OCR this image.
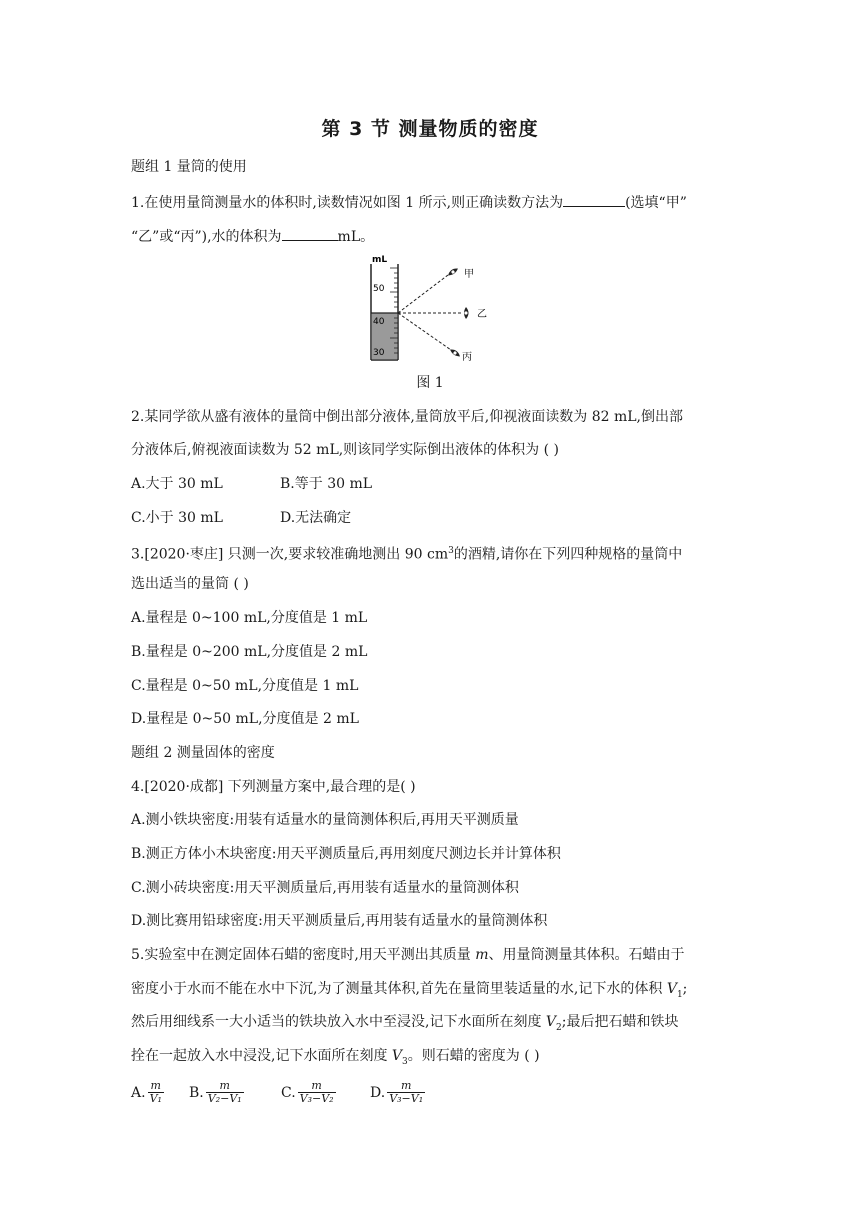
第 3 节 测量物质的密度
题组 1 量筒的使用
1.在使用量筒测量水的体积时,读数情况如图 1 所示,则正确读数方法为	(选填“甲”
“乙”或“丙”),水的体积为	mL。
mL
50
40
30
甲
乙
丙
图 1
2.某同学欲从盛有液体的量筒中倒出部分液体,量筒放平后,仰视液面读数为 82 mL,倒出部
分液体后,俯视液面读数为 52 mL,则该同学实际倒出液体的体积为 ( )
A.大于 30 mL	B.等于 30 mL
C.小于 30 mL	D.无法确定
3.[2020·枣庄] 只测一次,要求较准确地测出 90 $cm^3$的酒精,请你在下列四种规格的量筒中
选出适当的量筒 ( )
A.量程是 0~100 mL,分度值是 1 mL
B.量程是 0~200 mL,分度值是 2 mL
C.量程是 0~50 mL,分度值是 1 mL
D.量程是 0~50 mL,分度值是 2 mL
题组 2 测量固体的密度
4.[2020·成都] 下列测量方案中,最合理的是( )
A.测小铁块密度:用装有适量水的量筒测体积后,再用天平测质量
B.测正方体小木块密度:用天平测质量后,再用刻度尺测边长并计算体积
C.测小砖块密度:用天平测质量后,再用装有适量水的量筒测体积
D.测比赛用铅球密度:用天平测质量后,再用装有适量水的量筒测体积
5.实验室中在测定固体石蜡的密度时,用天平测出其质量 m、用量筒测量其体积。石蜡由于
密度小于水而不能在水中下沉,为了测量其体积,首先在量筒里装适量的水,记下水的体积 $V_1$;
然后用细线系一大小适当的铁块放入水中至浸没,记下水面所在刻度 $V_2$;最后把石蜡和铁块
拴在一起放入水中浸没,记下水面所在刻度 $V_3$。则石蜡的密度为 ( )
A. $\frac{m}{\text{V₁}} B$. $\frac{m}{\text{V₂−V₁}}$	C. $\frac{m}{\text{V₃−V₂}} D$. $\frac{m}{\text{V₃−V₁}}$
